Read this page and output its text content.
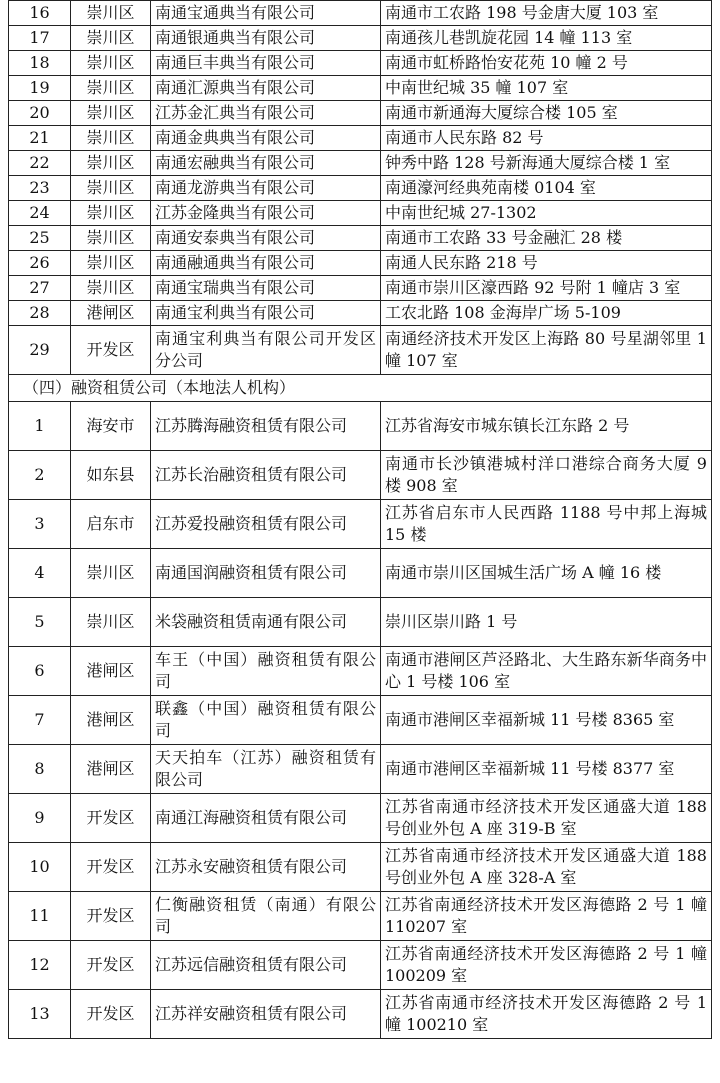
16	崇川区	南通宝通典当有限公司	南通市工农路 198 号金唐大厦 103 室
17	崇川区	南通银通典当有限公司	南通孩儿巷凯旋花园 14 幢 113 室
18	崇川区	南通巨丰典当有限公司	南通市虹桥路怡安花苑 10 幢 2 号
19	崇川区	南通汇源典当有限公司	中南世纪城 35 幢 107 室
20	崇川区	江苏金汇典当有限公司	南通市新通海大厦综合楼 105 室
21	崇川区	南通金典典当有限公司	南通市人民东路 82 号
22	崇川区	南通宏融典当有限公司	钟秀中路 128 号新海通大厦综合楼 1 室
23	崇川区	南通龙游典当有限公司	南通濠河经典苑南楼 0104 室
24	崇川区	江苏金隆典当有限公司	中南世纪城 27-1302
25	崇川区	南通安泰典当有限公司	南通市工农路 33 号金融汇 28 楼
26	崇川区	南通融通典当有限公司	南通人民东路 218 号
27	崇川区	南通宝瑞典当有限公司	南通市崇川区濠西路 92 号附 1 幢店 3 室
28	港闸区	南通宝利典当有限公司	工农北路 108 金海岸广场 5-109
29	开发区	南通宝利典当有限公司开发区分公司	南通经济技术开发区上海路 80 号星湖邻里 1 幢 107 室
（四）融资租赁公司（本地法人机构）			
1	海安市	江苏腾海融资租赁有限公司	江苏省海安市城东镇长江东路 2 号
2	如东县	江苏长治融资租赁有限公司	南通市长沙镇港城村洋口港综合商务大厦 9 楼 908 室
3	启东市	江苏爱投融资租赁有限公司	江苏省启东市人民西路 1188 号中邦上海城 15 楼
4	崇川区	南通国润融资租赁有限公司	南通市崇川区国城生活广场 A 幢 16 楼
5	崇川区	米袋融资租赁南通有限公司	崇川区崇川路 1 号
6	港闸区	车王（中国）融资租赁有限公司	南通市港闸区芦泾路北、大生路东新华商务中心 1 号楼 106 室
7	港闸区	联鑫（中国）融资租赁有限公司	南通市港闸区幸福新城 11 号楼 8365 室
8	港闸区	天天拍车（江苏）融资租赁有限公司	南通市港闸区幸福新城 11 号楼 8377 室
9	开发区	南通江海融资租赁有限公司	江苏省南通市经济技术开发区通盛大道 188 号创业外包 A 座 319-B 室
10	开发区	江苏永安融资租赁有限公司	江苏省南通市经济技术开发区通盛大道 188 号创业外包 A 座 328-A 室
11	开发区	仁衡融资租赁（南通）有限公司	江苏省南通经济技术开发区海德路 2 号 1 幢 110207 室
12	开发区	江苏远信融资租赁有限公司	江苏省南通经济技术开发区海德路 2 号 1 幢 100209 室
13	开发区	江苏祥安融资租赁有限公司	江苏省南通市经济技术开发区海德路 2 号 1 幢 100210 室
